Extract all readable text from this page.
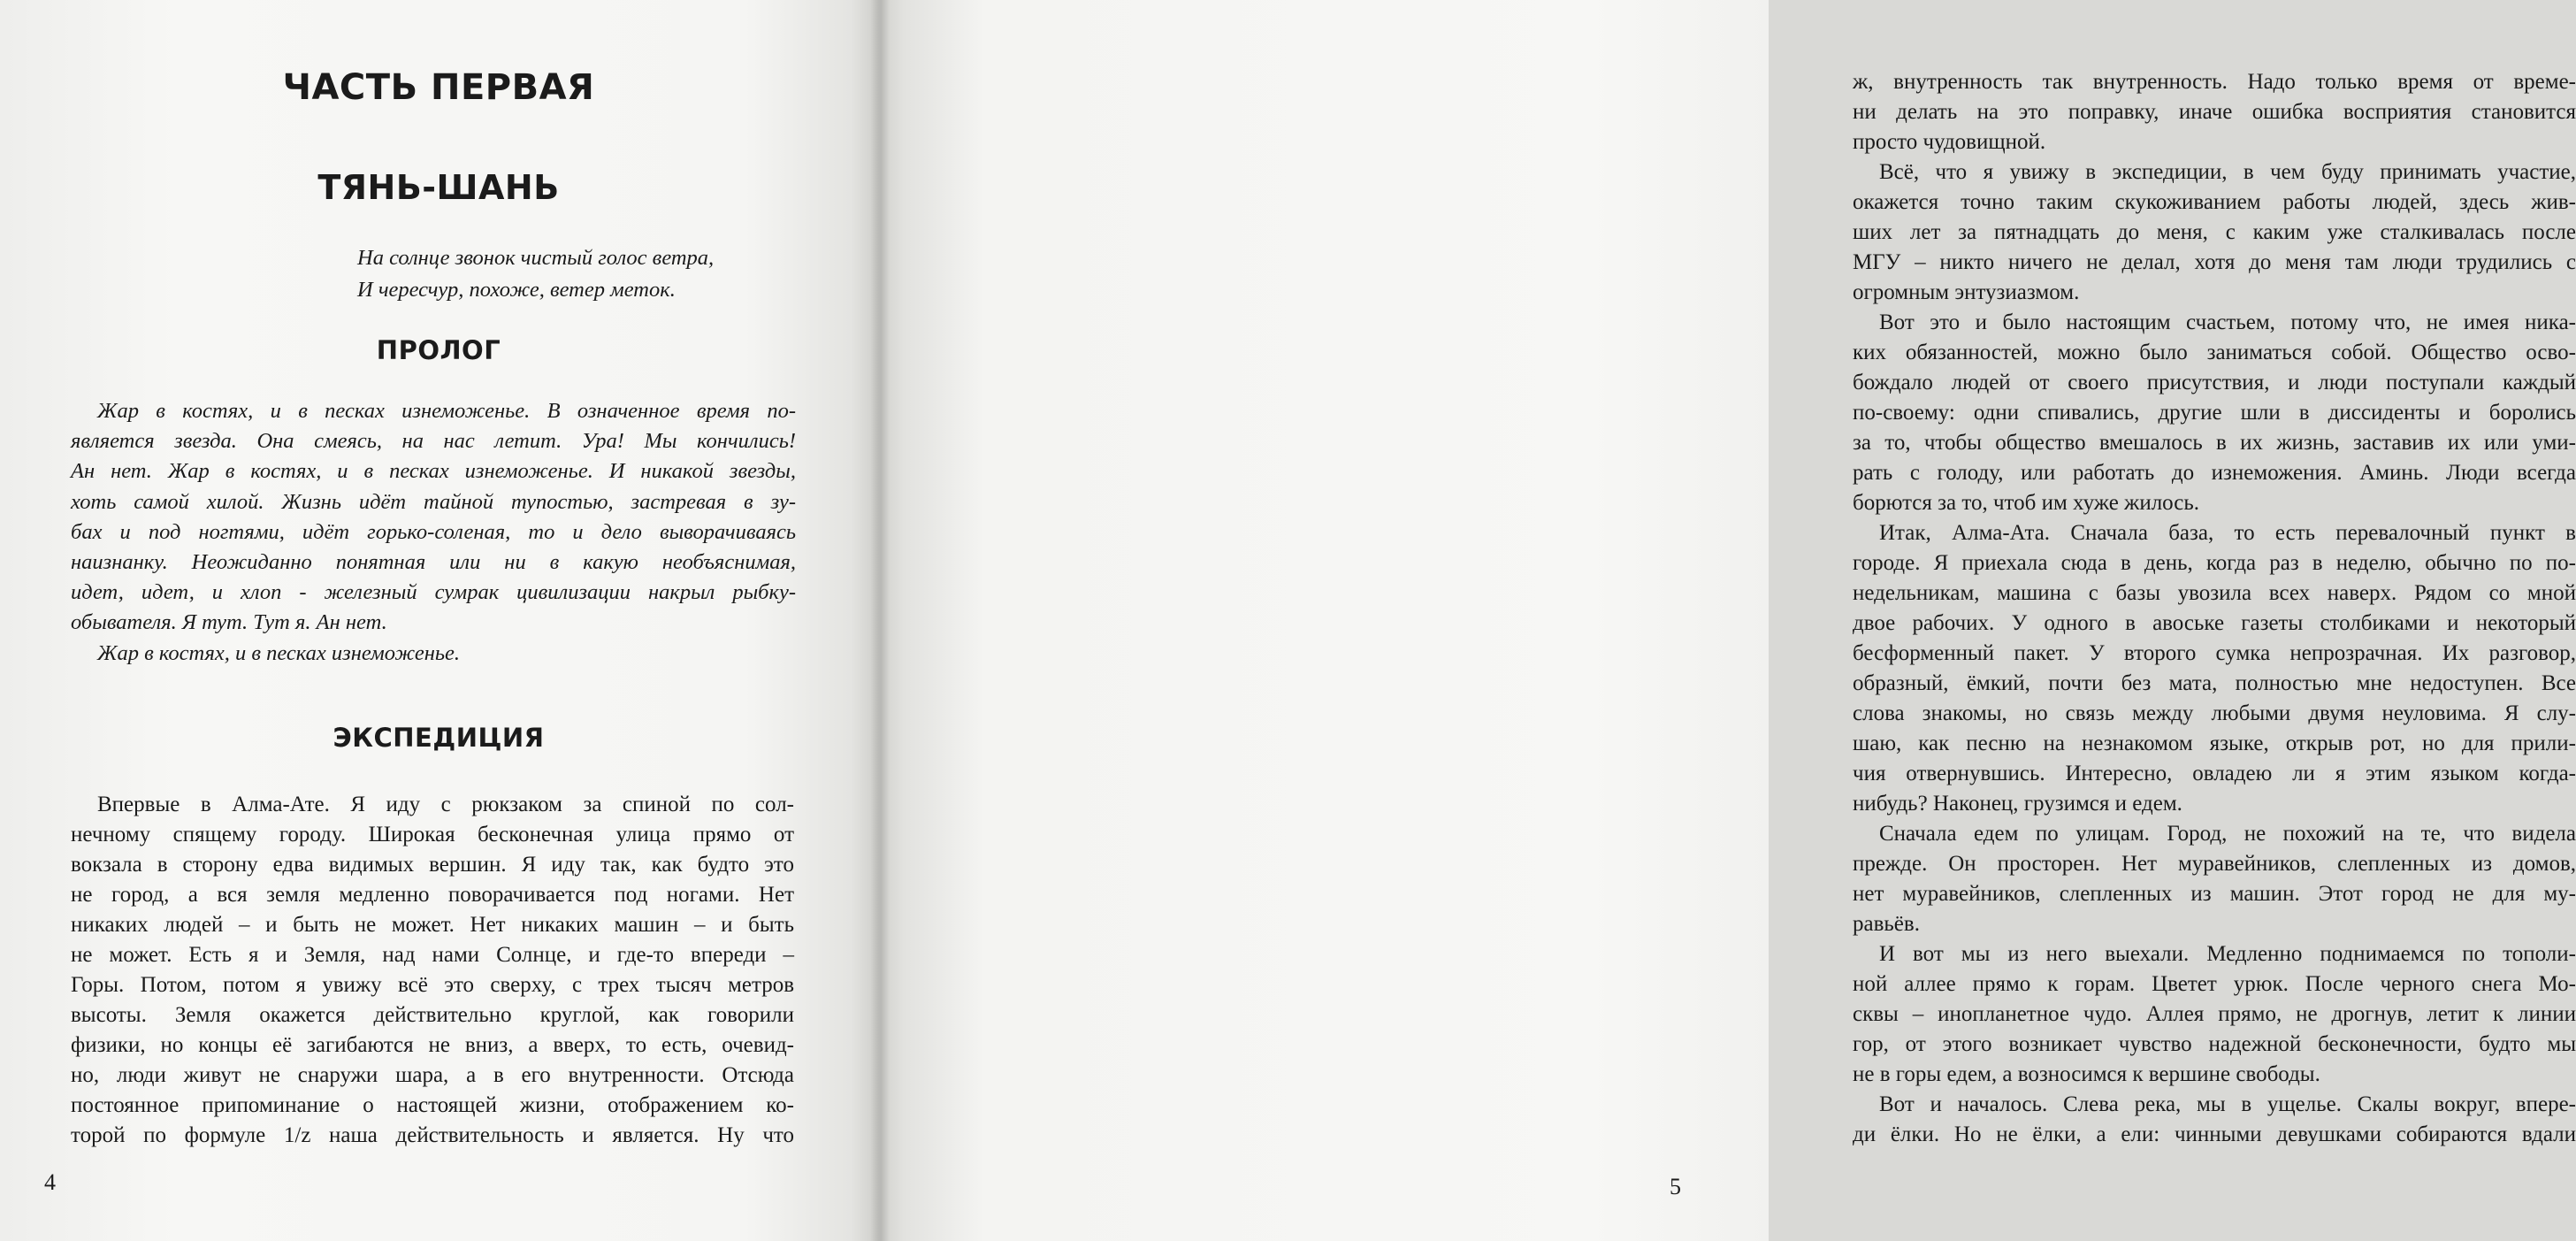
ЧАСТЬ ПЕРВАЯ
ТЯНЬ-ШАНЬ

На солнце звонок чистый голос ветра,

И чересчур, похоже, ветер меток.

ПРОЛОГ
Жар в костях, и в песках изнеможенье. В означенное время по-
является звезда. Она смеясь, на нас летит. Ура! Мы кончились!
Ан нет. Жар в костях, и в песках изнеможенье. И никакой звезды,
хоть самой хилой. Жизнь идёт тайной тупостью, застревая в зу-
бах и под ногтями, идёт горько-соленая, то и дело выворачиваясь
наизнанку. Неожиданно понятная или ни в какую необъяснимая,
идет, идет, и хлоп - железный сумрак цивилизации накрыл рыбку-
обывателя. Я тут. Тут я. Ан нет.
Жар в костях, и в песках изнеможенье.
ЭКСПЕДИЦИЯ
Впервые в Алма-Ате. Я иду с рюкзаком за спиной по сол-
нечному спящему городу. Широкая бесконечная улица прямо от
вокзала в сторону едва видимых вершин. Я иду так, как будто это
не город, а вся земля медленно поворачивается под ногами. Нет
никаких людей – и быть не может. Нет никаких машин – и быть
не может. Есть я и Земля, над нами Солнце, и где-то впереди –
Горы. Потом, потом я увижу всё это сверху, с трех тысяч метров
высоты. Земля окажется действительно круглой, как говорили
физики, но концы её загибаются не вниз, а вверх, то есть, очевид-
но, люди живут не снаружи шара, а в его внутренности. Отсюда
постоянное припоминание о настоящей жизни, отображением ко-
торой по формуле 1/z наша действительность и является. Ну что
4
ж, внутренность так внутренность. Надо только время от време-
ни делать на это поправку, иначе ошибка восприятия становится
просто чудовищной.
Всё, что я увижу в экспедиции, в чем буду принимать участие,
окажется точно таким скукоживанием работы людей, здесь жив-
ших лет за пятнадцать до меня, с каким уже сталкивалась после
МГУ – никто ничего не делал, хотя до меня там люди трудились с
огромным энтузиазмом.
Вот это и было настоящим счастьем, потому что, не имея ника-
ких обязанностей, можно было заниматься собой. Общество осво-
бождало людей от своего присутствия, и люди поступали каждый
по-своему: одни спивались, другие шли в диссиденты и боролись
за то, чтобы общество вмешалось в их жизнь, заставив их или уми-
рать с голоду, или работать до изнеможения. Аминь. Люди всегда
борются за то, чтоб им хуже жилось.
Итак, Алма-Ата. Сначала база, то есть перевалочный пункт в
городе. Я приехала сюда в день, когда раз в неделю, обычно по по-
недельникам, машина с базы увозила всех наверх. Рядом со мной
двое рабочих. У одного в авоське газеты столбиками и некоторый
бесформенный пакет. У второго сумка непрозрачная. Их разговор,
образный, ёмкий, почти без мата, полностью мне недоступен. Все
слова знакомы, но связь между любыми двумя неуловима. Я слу-
шаю, как песню на незнакомом языке, открыв рот, но для прили-
чия отвернувшись. Интересно, овладею ли я этим языком когда-
нибудь? Наконец, грузимся и едем.
Сначала едем по улицам. Город, не похожий на те, что видела
прежде. Он просторен. Нет муравейников, слепленных из домов,
нет муравейников, слепленных из машин. Этот город не для му-
равьёв.
И вот мы из него выехали. Медленно поднимаемся по тополи-
ной аллее прямо к горам. Цветет урюк. После черного снега Мо-
сквы – инопланетное чудо. Аллея прямо, не дрогнув, летит к линии
гор, от этого возникает чувство надежной бесконечности, будто мы
не в горы едем, а возносимся к вершине свободы.
Вот и началось. Слева река, мы в ущелье. Скалы вокруг, впере-
ди ёлки. Но не ёлки, а ели: чинными девушками собираются вдали
5
